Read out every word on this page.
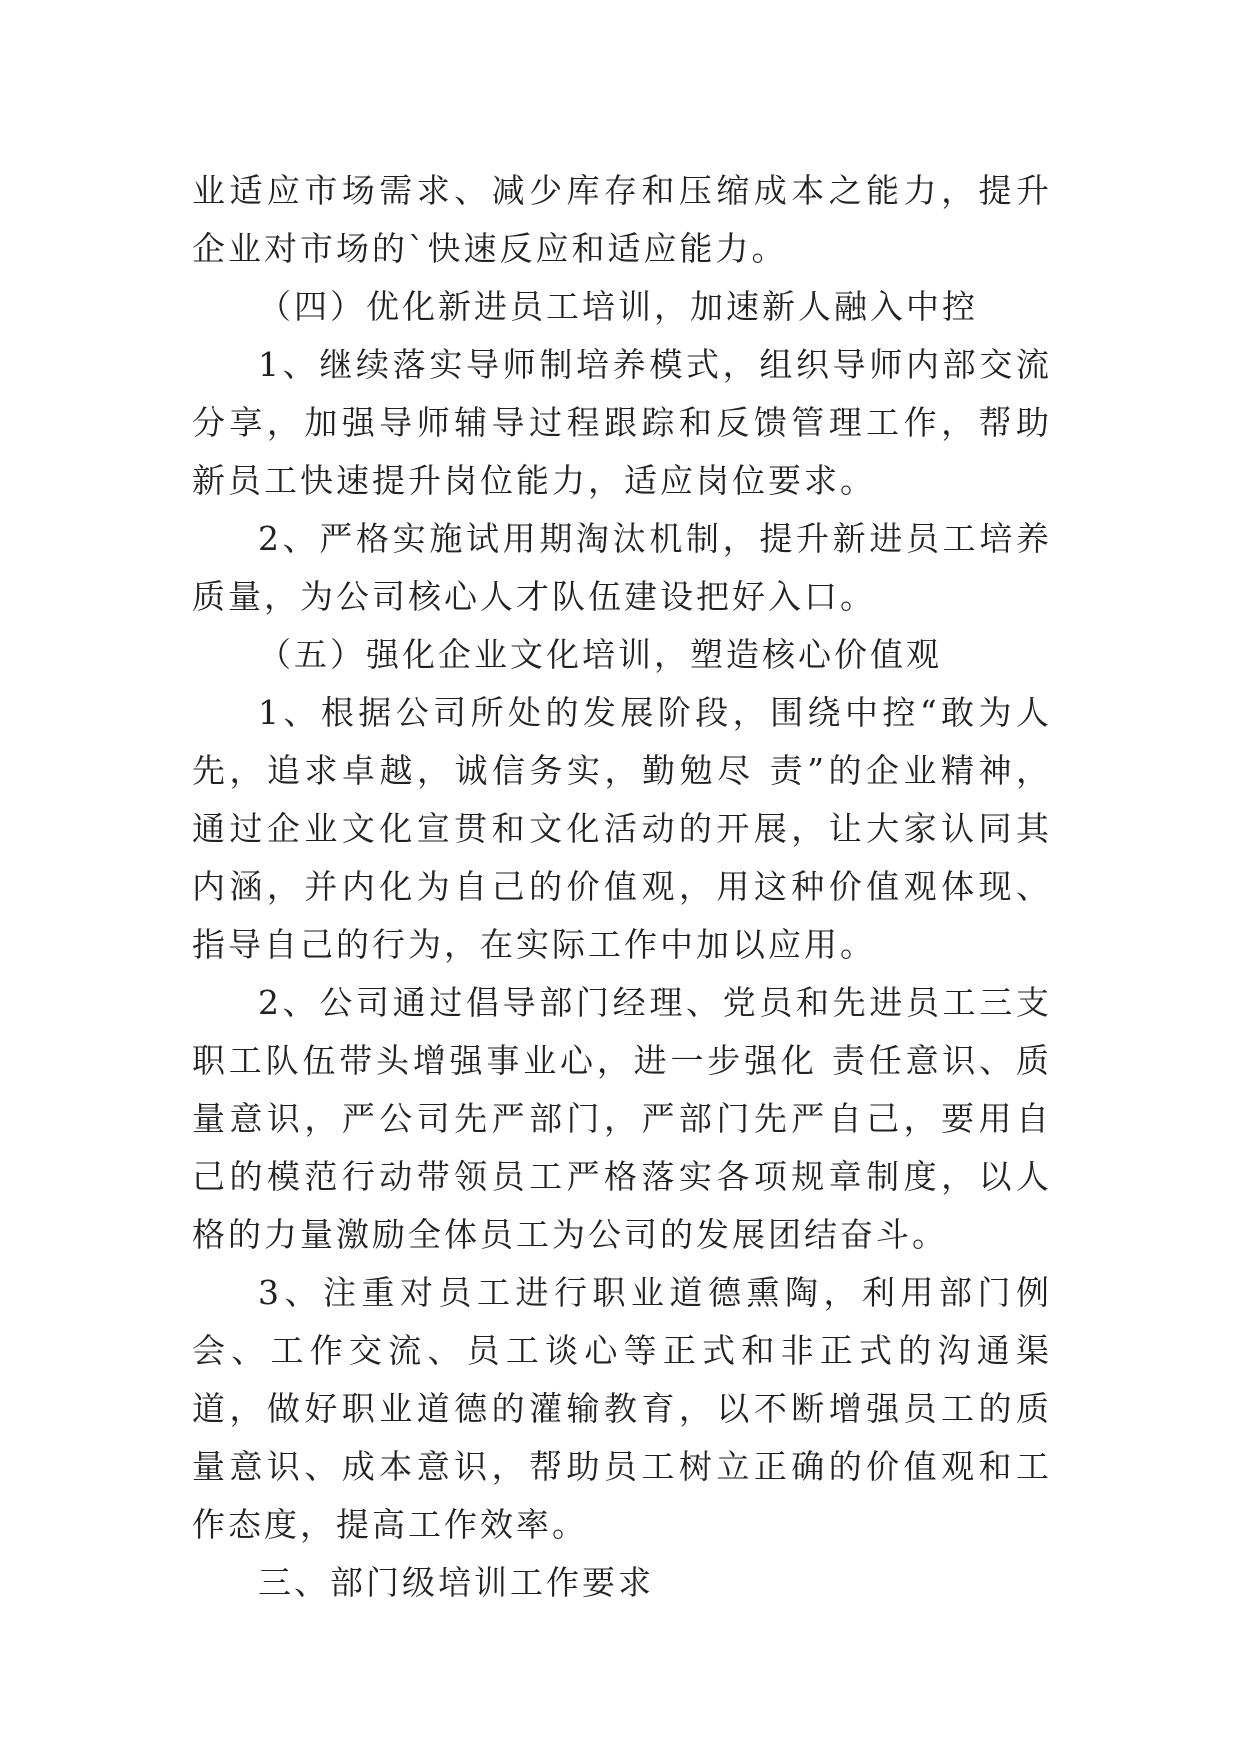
业适应市场需求、减少库存和压缩成本之能力，提升企业对市场的`快速反应和适应能力。

（四）优化新进员工培训，加速新人融入中控

1、继续落实导师制培养模式，组织导师内部交流分享，加强导师辅导过程跟踪和反馈管理工作，帮助新员工快速提升岗位能力，适应岗位要求。

2、严格实施试用期淘汰机制，提升新进员工培养质量，为公司核心人才队伍建设把好入口。

（五）强化企业文化培训，塑造核心价值观

1、根据公司所处的发展阶段，围绕中控“敢为人先，追求卓越，诚信务实，勤勉尽 责”的企业精神，通过企业文化宣贯和文化活动的开展，让大家认同其内涵，并内化为自己的价值观，用这种价值观体现、指导自己的行为，在实际工作中加以应用。

2、公司通过倡导部门经理、党员和先进员工三支职工队伍带头增强事业心，进一步强化 责任意识、质量意识，严公司先严部门，严部门先严自己，要用自己的模范行动带领员工严格落实各项规章制度，以人格的力量激励全体员工为公司的发展团结奋斗。

3、注重对员工进行职业道德熏陶，利用部门例会、工作交流、员工谈心等正式和非正式的沟通渠道，做好职业道德的灌输教育，以不断增强员工的质量意识、成本意识，帮助员工树立正确的价值观和工作态度，提高工作效率。

三、部门级培训工作要求
